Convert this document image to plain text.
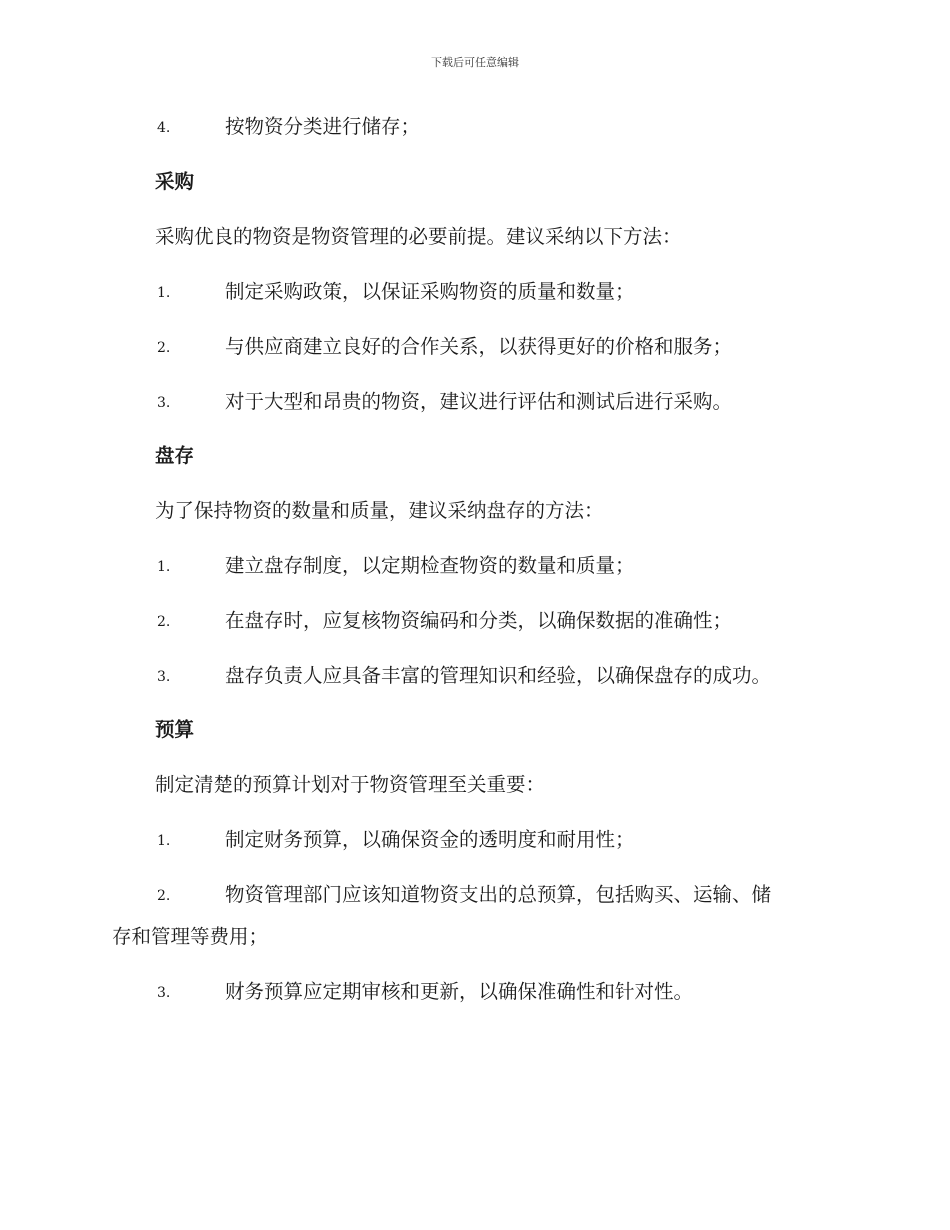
下载后可任意编辑
4.	按物资分类进行储存；
采购
采购优良的物资是物资管理的必要前提。建议采纳以下方法：
1.	制定采购政策，以保证采购物资的质量和数量；
2.	与供应商建立良好的合作关系，以获得更好的价格和服务；
3.	对于大型和昂贵的物资，建议进行评估和测试后进行采购。
盘存
为了保持物资的数量和质量，建议采纳盘存的方法：
1.	建立盘存制度，以定期检查物资的数量和质量；
2.	在盘存时，应复核物资编码和分类，以确保数据的准确性；
3.	盘存负责人应具备丰富的管理知识和经验，以确保盘存的成功。
预算
制定清楚的预算计划对于物资管理至关重要：
1.	制定财务预算，以确保资金的透明度和耐用性；
2.	物资管理部门应该知道物资支出的总预算，包括购买、运输、储
存和管理等费用；
3.	财务预算应定期审核和更新，以确保准确性和针对性。
